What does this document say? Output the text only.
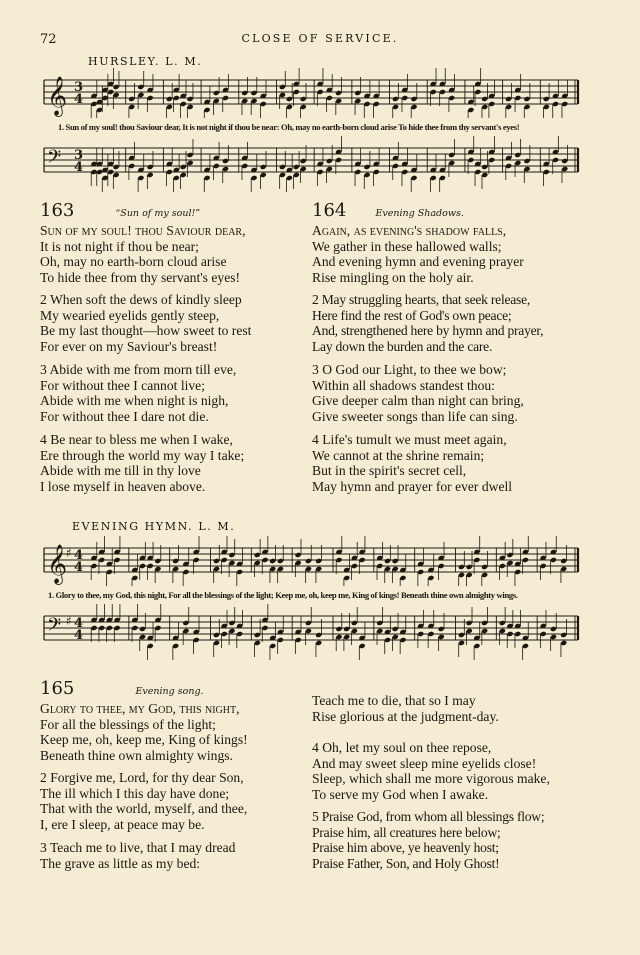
72	CLOSE OF SERVICE.
HURSLEY. L. M.
𝄞 3
4
1. Sun of my soul! thou Saviour dear, It is not night if thou be near: Oh, may no earth-born cloud arise To hide thee from thy servant's eyes!
𝄢 3
4
163	“Sun of my soul!”
Sun of my soul! thou Saviour dear,
It is not night if thou be near;
Oh, may no earth-born cloud arise
To hide thee from thy servant's eyes!
2 When soft the dews of kindly sleep
My wearied eyelids gently steep,
Be my last thought—how sweet to rest
For ever on my Saviour's breast!
3 Abide with me from morn till eve,
For without thee I cannot live;
Abide with me when night is nigh,
For without thee I dare not die.
4 Be near to bless me when I wake,
Ere through the world my way I take;
Abide with me till in thy love
I lose myself in heaven above.
164	Evening Shadows.
Again, as evening's shadow falls,
We gather in these hallowed walls;
And evening hymn and evening prayer
Rise mingling on the holy air.
2 May struggling hearts, that seek release,
Here find the rest of God's own peace;
And, strengthened here by hymn and prayer,
Lay down the burden and the care.
3 O God our Light, to thee we bow;
Within all shadows standest thou:
Give deeper calm than night can bring,
Give sweeter songs than life can sing.
4 Life's tumult we must meet again,
We cannot at the shrine remain;
But in the spirit's secret cell,
May hymn and prayer for ever dwell
EVENING HYMN. L. M.
𝄞
♯ 4
4
1. Glory to thee, my God, this night, For all the blessings of the light; Keep me, oh, keep me, King of kings! Beneath thine own almighty wings.
𝄢 ♯ 4
4
165	Evening song.
Glory to thee, my God, this night,
For all the blessings of the light;
Keep me, oh, keep me, King of kings!
Beneath thine own almighty wings.
2 Forgive me, Lord, for thy dear Son,
The ill which I this day have done;
That with the world, myself, and thee,
I, ere I sleep, at peace may be.
3 Teach me to live, that I may dread
The grave as little as my bed:
Teach me to die, that so I may
Rise glorious at the judgment-day.
4 Oh, let my soul on thee repose,
And may sweet sleep mine eyelids close!
Sleep, which shall me more vigorous make,
To serve my God when I awake.
5 Praise God, from whom all blessings flow;
Praise him, all creatures here below;
Praise him above, ye heavenly host;
Praise Father, Son, and Holy Ghost!
